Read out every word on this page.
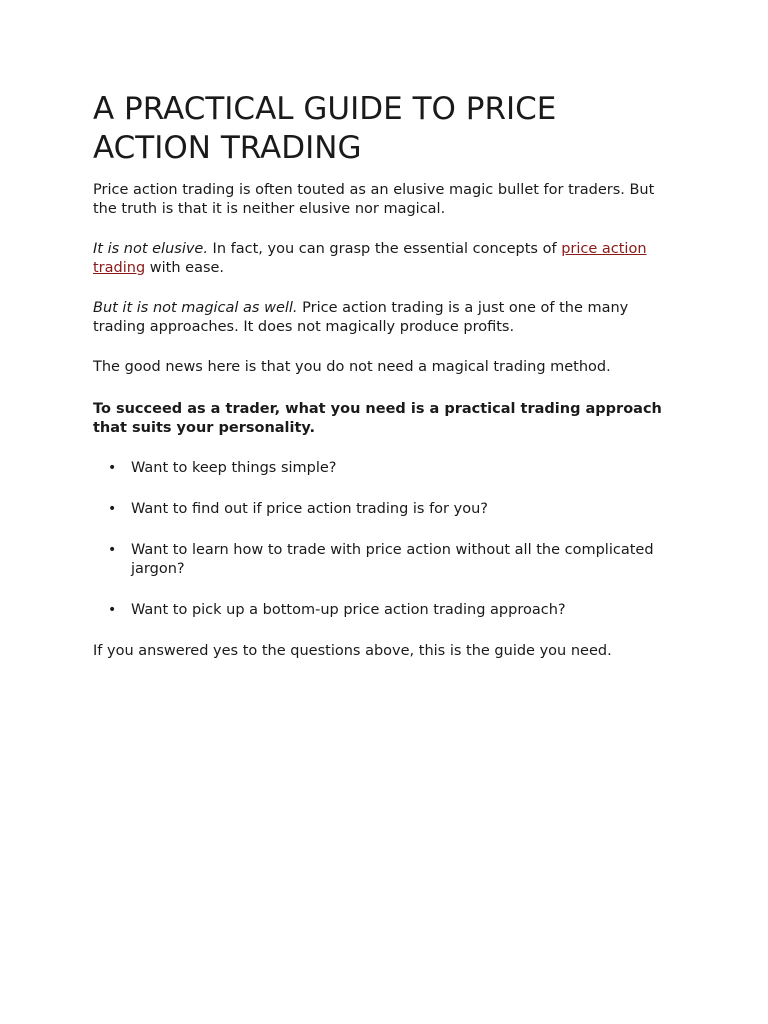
A PRACTICAL GUIDE TO PRICE ACTION TRADING

Price action trading is often touted as an elusive magic bullet for traders. But the truth is that it is neither elusive nor magical.

It is not elusive. In fact, you can grasp the essential concepts of price action trading with ease.

But it is not magical as well. Price action trading is a just one of the many trading approaches. It does not magically produce profits.

The good news here is that you do not need a magical trading method.

To succeed as a trader, what you need is a practical trading approach that suits your personality.

• Want to keep things simple?
• Want to find out if price action trading is for you?
• Want to learn how to trade with price action without all the complicated jargon?
• Want to pick up a bottom-up price action trading approach?

If you answered yes to the questions above, this is the guide you need.
